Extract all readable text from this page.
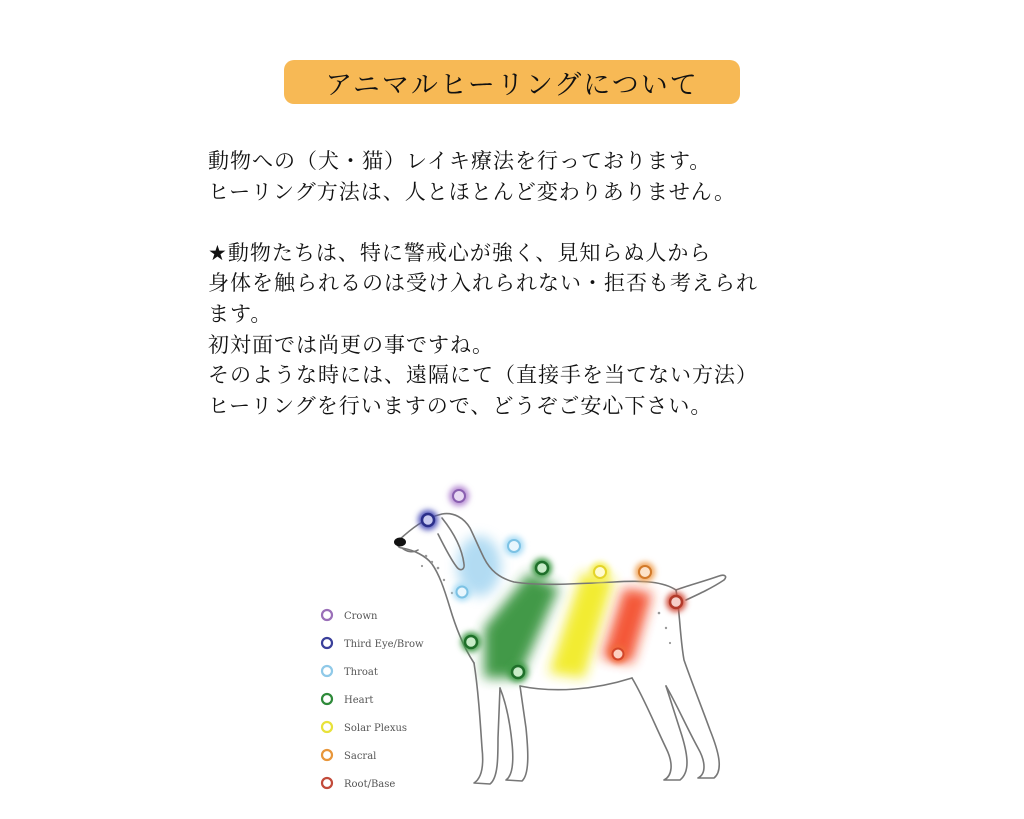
アニマルヒーリングについて
動物への（犬・猫）レイキ療法を行っております。
ヒーリング方法は、人とほとんど変わりありません。
★動物たちは、特に警戒心が強く、見知らぬ人から
身体を触られるのは受け入れられない・拒否も考えられ
ます。
初対面では尚更の事ですね。
そのような時には、遠隔にて（直接手を当てない方法）
ヒーリングを行いますので、どうぞご安心下さい。
Crown
Third Eye/Brow
Throat
Heart
Solar Plexus
Sacral
Root/Base
